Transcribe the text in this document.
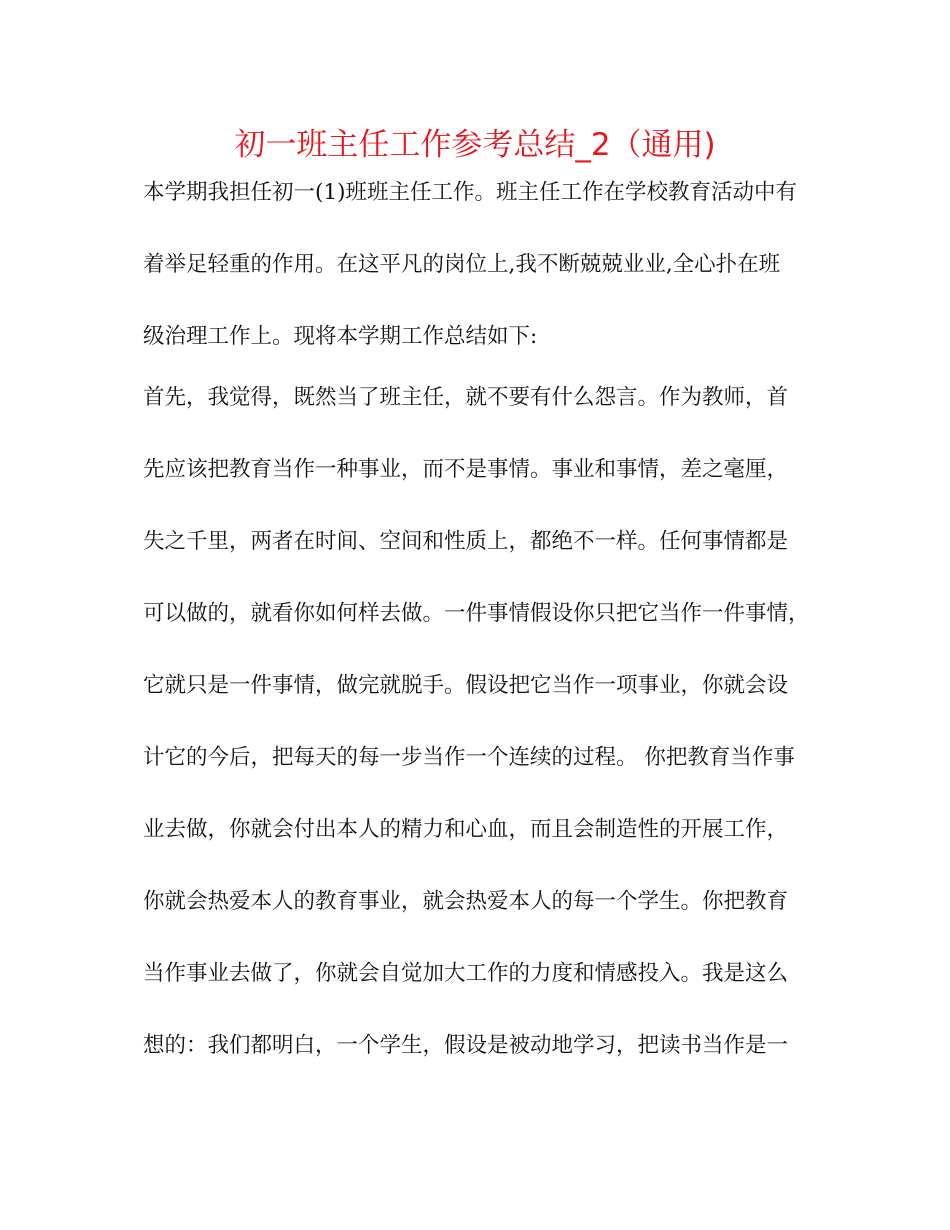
初一班主任工作参考总结_2（通用)
本学期我担任初一(1)班班主任工作。班主任工作在学校教育活动中有
着举足轻重的作用。在这平凡的岗位上,我不断兢兢业业,全心扑在班
级治理工作上。现将本学期工作总结如下:
首先，我觉得，既然当了班主任，就不要有什么怨言。作为教师，首
先应该把教育当作一种事业，而不是事情。事业和事情，差之毫厘，
失之千里，两者在时间、空间和性质上，都绝不一样。任何事情都是
可以做的，就看你如何样去做。一件事情假设你只把它当作一件事情，
它就只是一件事情，做完就脱手。假设把它当作一项事业，你就会设
计它的今后，把每天的每一步当作一个连续的过程。 你把教育当作事
业去做，你就会付出本人的精力和心血，而且会制造性的开展工作，
你就会热爱本人的教育事业，就会热爱本人的每一个学生。你把教育
当作事业去做了，你就会自觉加大工作的力度和情感投入。我是这么
想的：我们都明白，一个学生，假设是被动地学习，把读书当作是一
